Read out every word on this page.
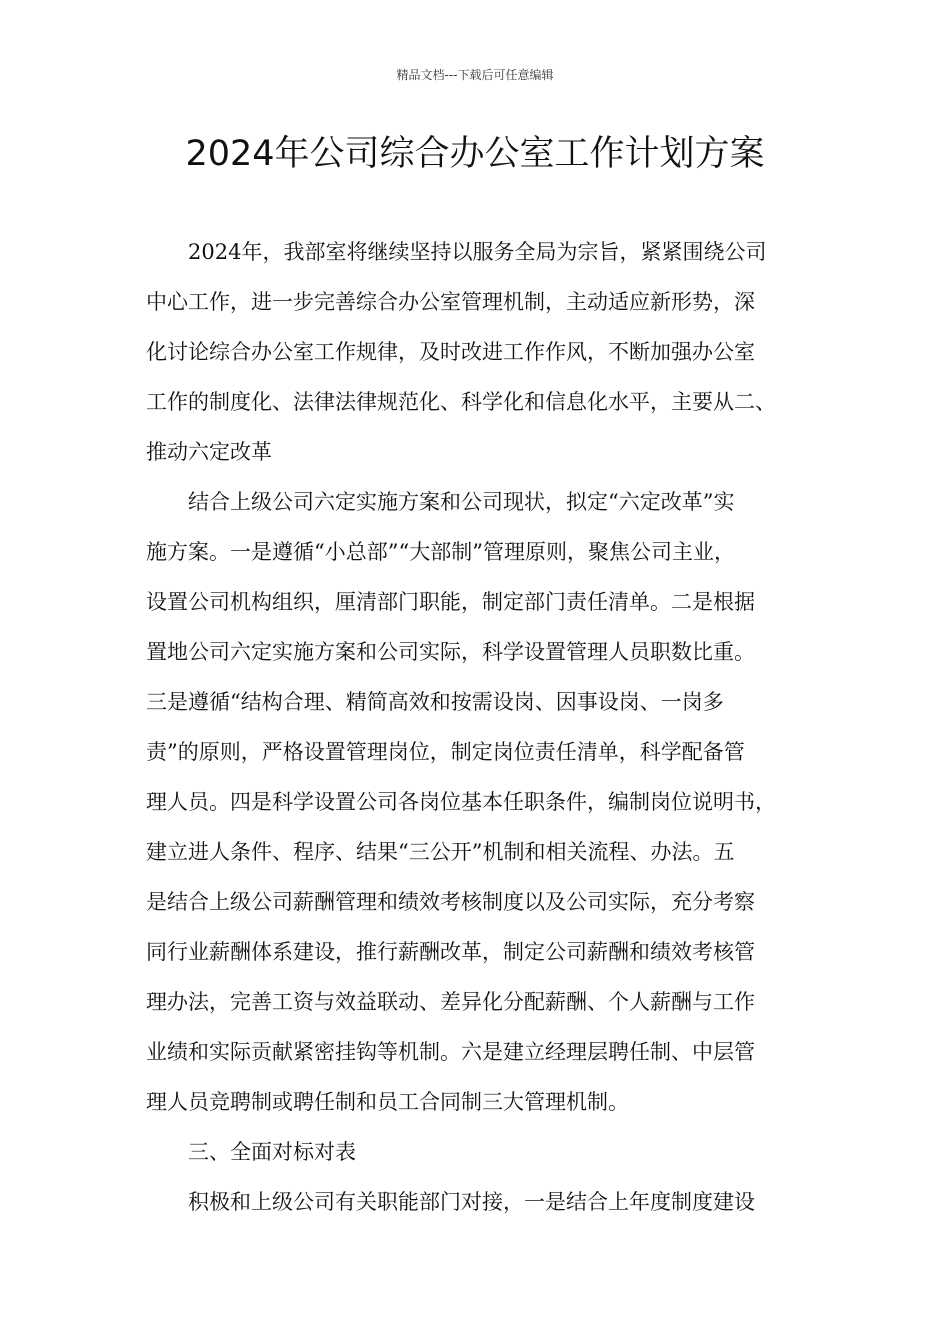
精品文档---下载后可任意编辑
2024年公司综合办公室工作计划方案
2024年，我部室将继续坚持以服务全局为宗旨，紧紧围绕公司
中心工作，进一步完善综合办公室管理机制，主动适应新形势，深
化讨论综合办公室工作规律，及时改进工作作风，不断加强办公室
工作的制度化、法律法律规范化、科学化和信息化水平，主要从二、
推动六定改革
结合上级公司六定实施方案和公司现状，拟定“六定改革”实
施方案。一是遵循“小总部”“大部制”管理原则，聚焦公司主业，
设置公司机构组织，厘清部门职能，制定部门责任清单。二是根据
置地公司六定实施方案和公司实际，科学设置管理人员职数比重。
三是遵循“结构合理、精简高效和按需设岗、因事设岗、一岗多
责”的原则，严格设置管理岗位，制定岗位责任清单，科学配备管
理人员。四是科学设置公司各岗位基本任职条件，编制岗位说明书，
建立进人条件、程序、结果“三公开”机制和相关流程、办法。五
是结合上级公司薪酬管理和绩效考核制度以及公司实际，充分考察
同行业薪酬体系建设，推行薪酬改革，制定公司薪酬和绩效考核管
理办法，完善工资与效益联动、差异化分配薪酬、个人薪酬与工作
业绩和实际贡献紧密挂钩等机制。六是建立经理层聘任制、中层管
理人员竞聘制或聘任制和员工合同制三大管理机制。
三、全面对标对表
积极和上级公司有关职能部门对接，一是结合上年度制度建设
